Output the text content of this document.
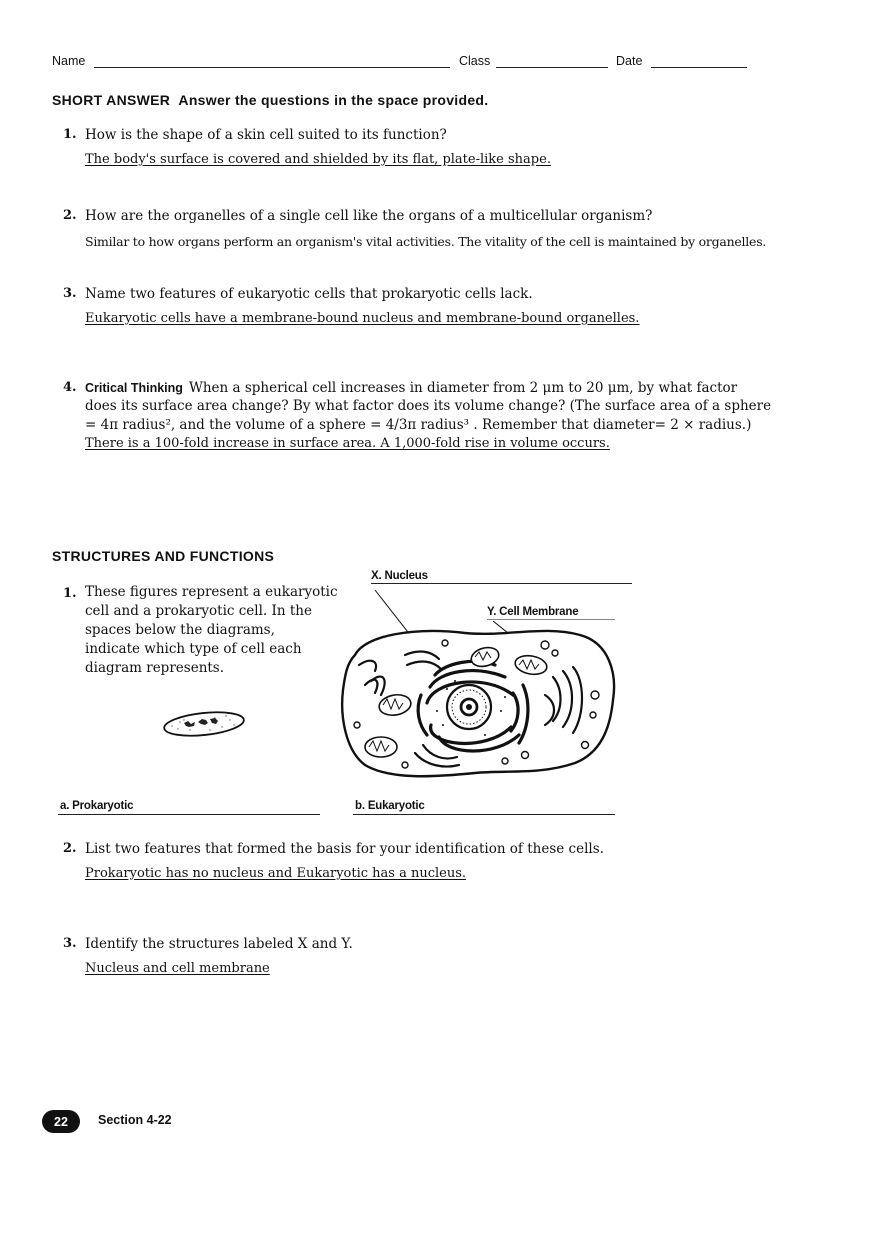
Name	Class	Date
SHORT ANSWER Answer the questions in the space provided.
1. How is the shape of a skin cell suited to its function?
The body's surface is covered and shielded by its flat, plate-like shape.
2. How are the organelles of a single cell like the organs of a multicellular organism?
Similar to how organs perform an organism's vital activities. The vitality of the cell is maintained by organelles.
3. Name two features of eukaryotic cells that prokaryotic cells lack.
Eukaryotic cells have a membrane-bound nucleus and membrane-bound organelles.
4. Critical Thinking When a spherical cell increases in diameter from 2 μm to 20 μm, by what factor
does its surface area change? By what factor does its volume change? (The surface area of a sphere
= 4π radius², and the volume of a sphere = 4/3π radius³ . Remember that diameter= 2 × radius.)
There is a 100-fold increase in surface area. A 1,000-fold rise in volume occurs.
STRUCTURES AND FUNCTIONS
1. These figures represent a eukaryotic
cell and a prokaryotic cell. In the
spaces below the diagrams,
indicate which type of cell each
diagram represents.
X. Nucleus
Y. Cell Membrane
a. Prokaryotic	b. Eukaryotic
2. List two features that formed the basis for your identification of these cells.
Prokaryotic has no nucleus and Eukaryotic has a nucleus.
3. Identify the structures labeled X and Y.
Nucleus and cell membrane
22	Section 4-22
